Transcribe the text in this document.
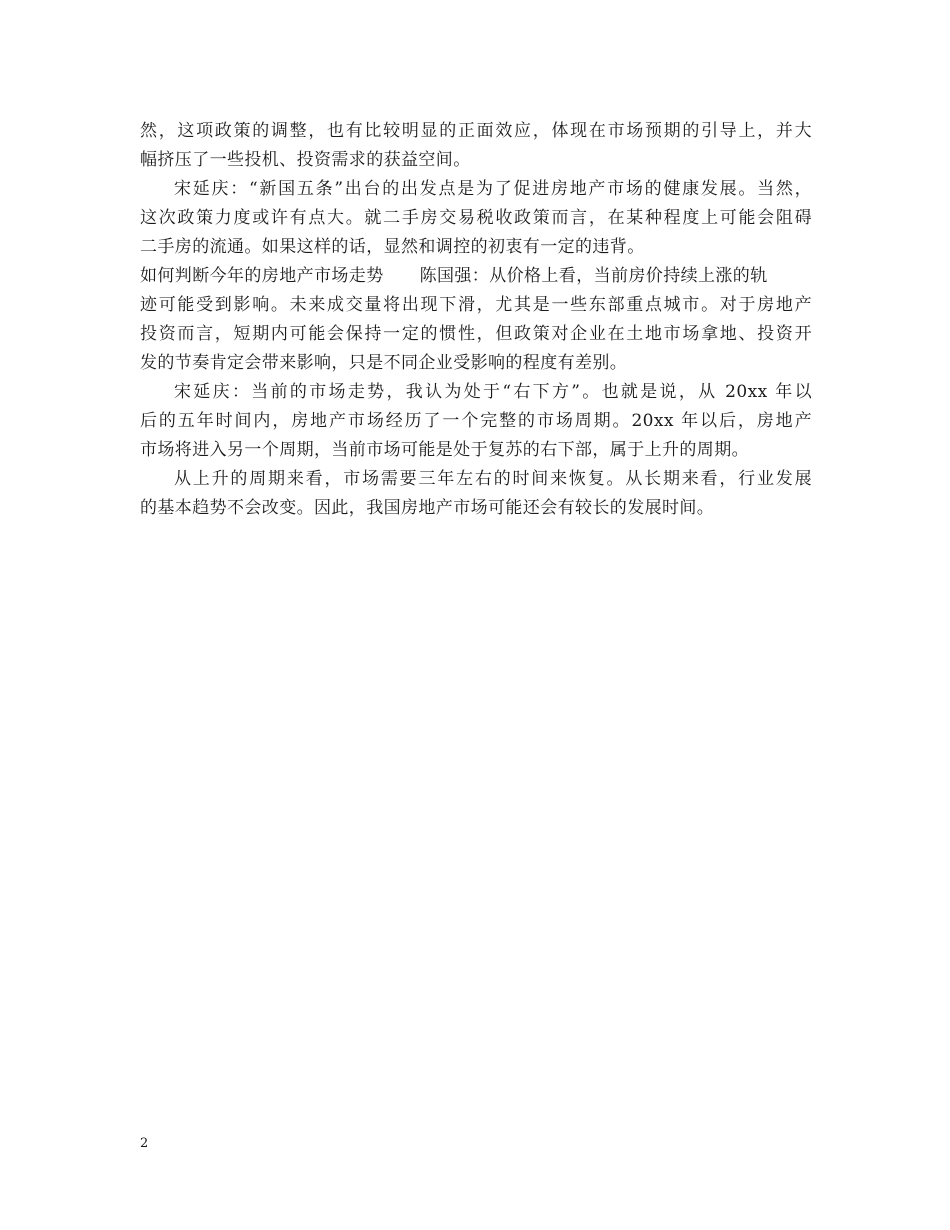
然，这项政策的调整，也有比较明显的正面效应，体现在市场预期的引导上，并大
幅挤压了一些投机、投资需求的获益空间。
宋延庆：“新国五条”出台的出发点是为了促进房地产市场的健康发展。当然，
这次政策力度或许有点大。就二手房交易税收政策而言，在某种程度上可能会阻碍
二手房的流通。如果这样的话，显然和调控的初衷有一定的违背。
如何判断今年的房地产市场走势 陈国强：从价格上看，当前房价持续上涨的轨
迹可能受到影响。未来成交量将出现下滑，尤其是一些东部重点城市。对于房地产
投资而言，短期内可能会保持一定的惯性，但政策对企业在土地市场拿地、投资开
发的节奏肯定会带来影响，只是不同企业受影响的程度有差别。
宋延庆：当前的市场走势，我认为处于“右下方”。也就是说，从 20xx 年以
后的五年时间内，房地产市场经历了一个完整的市场周期。20xx 年以后，房地产
市场将进入另一个周期，当前市场可能是处于复苏的右下部，属于上升的周期。
从上升的周期来看，市场需要三年左右的时间来恢复。从长期来看，行业发展
的基本趋势不会改变。因此，我国房地产市场可能还会有较长的发展时间。
2
